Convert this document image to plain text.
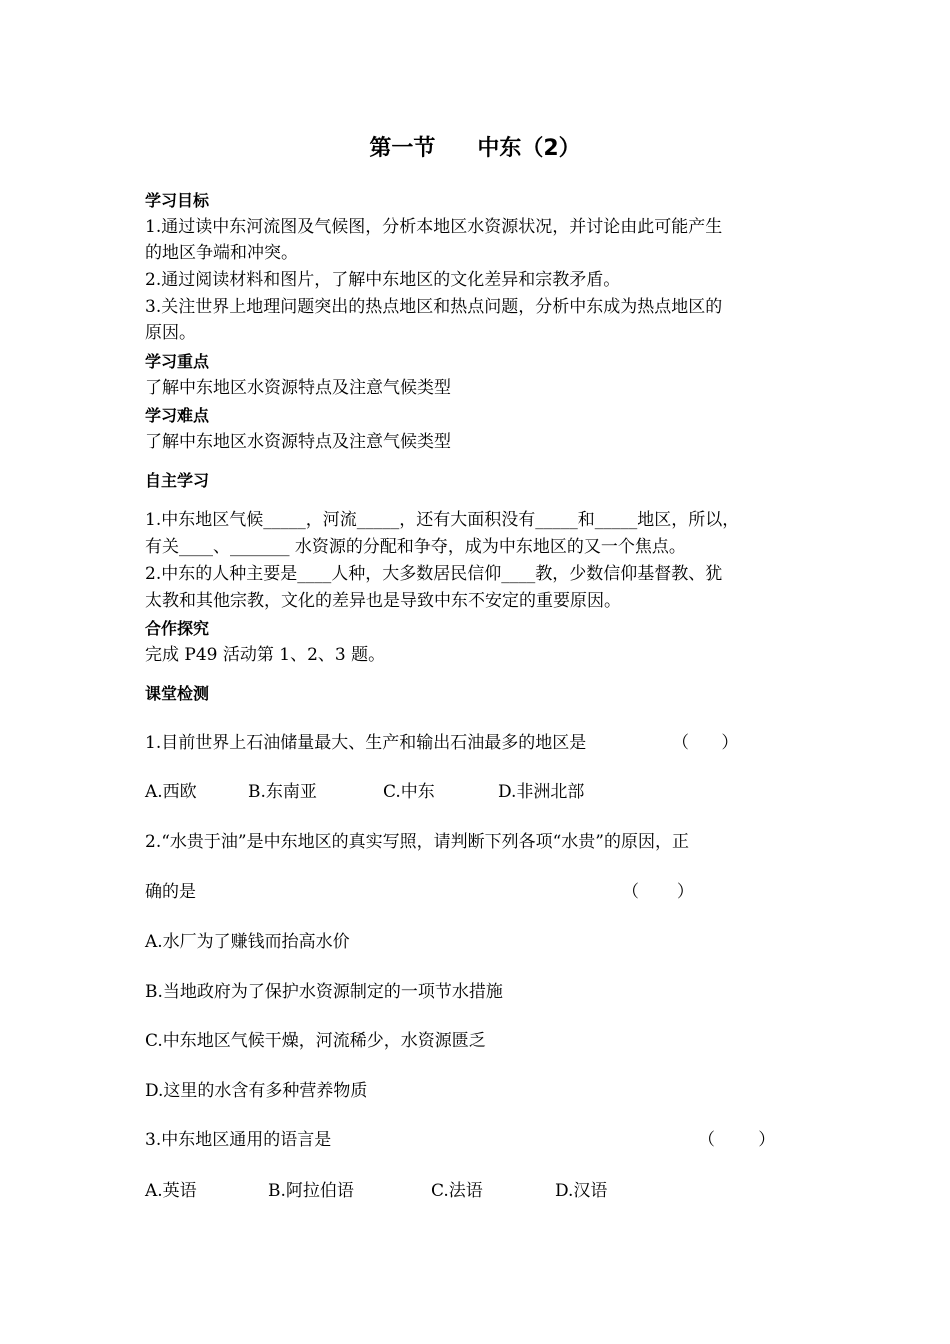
第一节 中东（2）
学习目标
1.通过读中东河流图及气候图，分析本地区水资源状况，并讨论由此可能产生
的地区争端和冲突。
2.通过阅读材料和图片，了解中东地区的文化差异和宗教矛盾。
3.关注世界上地理问题突出的热点地区和热点问题，分析中东成为热点地区的
原因。
学习重点
了解中东地区水资源特点及注意气候类型
学习难点
了解中东地区水资源特点及注意气候类型
自主学习
1.中东地区气候_____，河流_____，还有大面积没有_____和_____地区，所以，
有关____、_______ 水资源的分配和争夺，成为中东地区的又一个焦点。
2.中东的人种主要是____人种，大多数居民信仰____教，少数信仰基督教、犹
太教和其他宗教，文化的差异也是导致中东不安定的重要原因。
合作探究
完成 P49 活动第 1、2、3 题。
课堂检测
1.目前世界上石油储量最大、生产和输出石油最多的地区是	（      ）
A.西欧	B.东南亚	C.中东	D.非洲北部
2.“水贵于油”是中东地区的真实写照，请判断下列各项“水贵”的原因，正
确的是	（       ）
A.水厂为了赚钱而抬高水价
B.当地政府为了保护水资源制定的一项节水措施
C.中东地区气候干燥，河流稀少，水资源匮乏
D.这里的水含有多种营养物质
3.中东地区通用的语言是	（        ）
A.英语	B.阿拉伯语	C.法语	D.汉语
